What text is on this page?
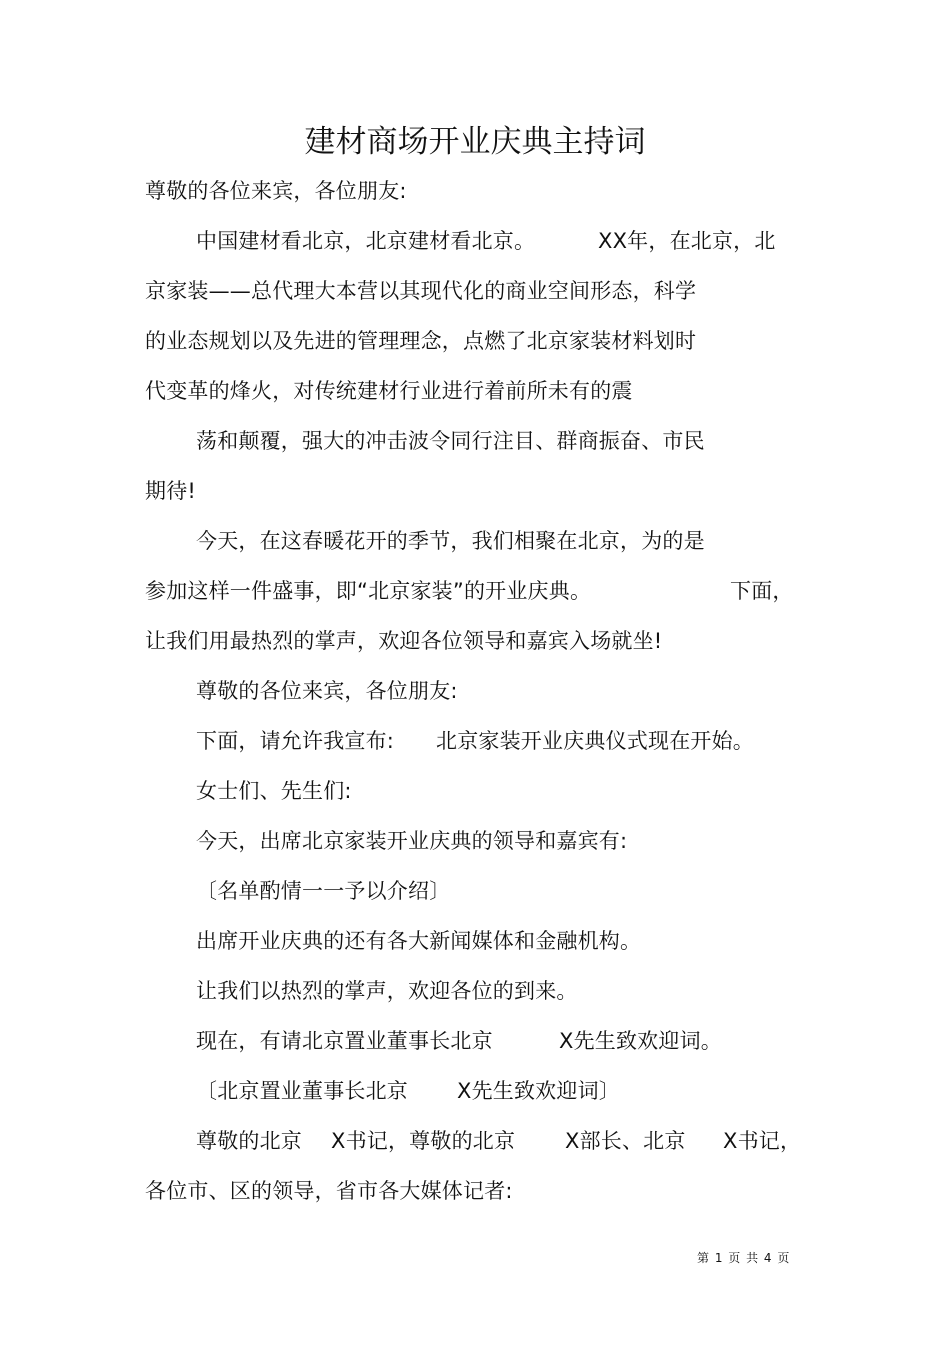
建材商场开业庆典主持词
尊敬的各位来宾，各位朋友:
中国建材看北京，北京建材看北京。	XX年，在北京，北
京家装——总代理大本营以其现代化的商业空间形态，科学
的业态规划以及先进的管理理念，点燃了北京家装材料划时
代变革的烽火，对传统建材行业进行着前所未有的震
荡和颠覆，强大的冲击波令同行注目、群商振奋、市民
期待!
今天，在这春暖花开的季节，我们相聚在北京，为的是
参加这样一件盛事，即“北京家装”的开业庆典。	下面，
让我们用最热烈的掌声，欢迎各位领导和嘉宾入场就坐!
尊敬的各位来宾，各位朋友:
下面，请允许我宣布: 北京家装开业庆典仪式现在开始。
女士们、先生们:
今天，出席北京家装开业庆典的领导和嘉宾有:
〔名单酌情一一予以介绍〕
出席开业庆典的还有各大新闻媒体和金融机构。
让我们以热烈的掌声，欢迎各位的到来。
现在，有请北京置业董事长北京	X先生致欢迎词。
〔北京置业董事长北京 X先生致欢迎词〕
尊敬的北京 X书记，尊敬的北京 X部长、北京 X书记，
各位市、区的领导，省市各大媒体记者:
第 1 页 共 4 页
